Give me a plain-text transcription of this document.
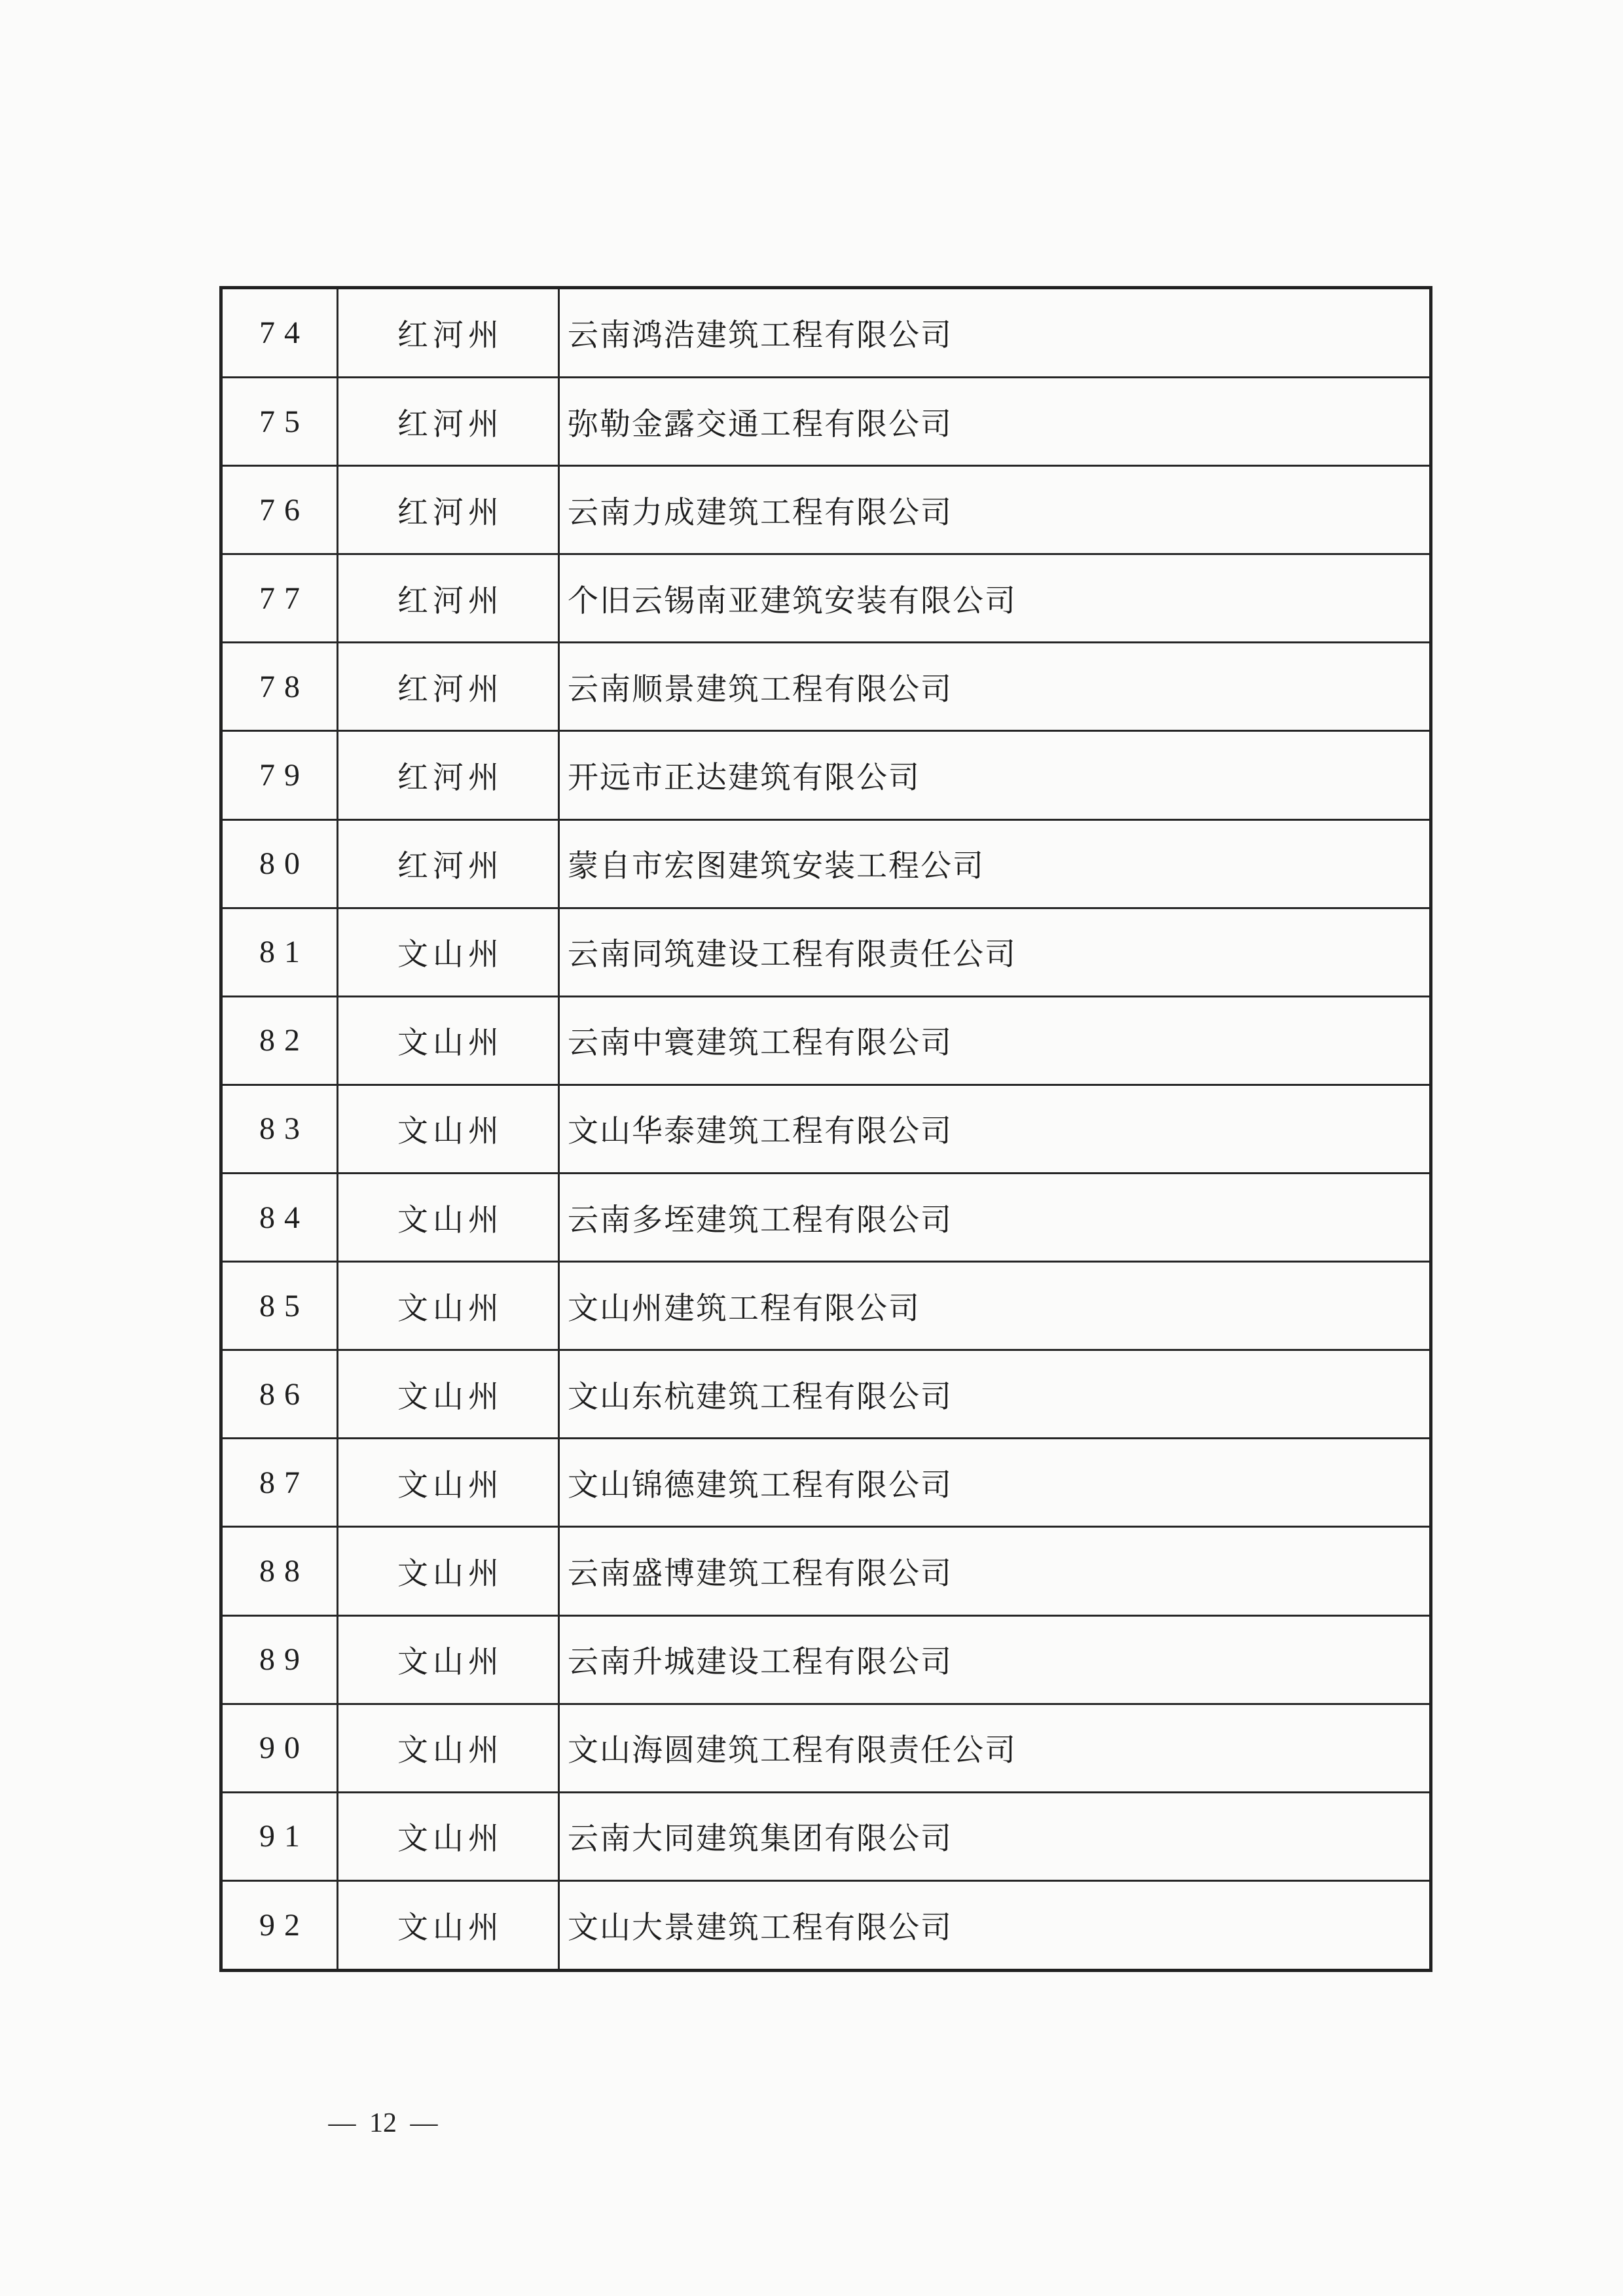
74	红河州	云南鸿浩建筑工程有限公司
75	红河州	弥勒金露交通工程有限公司
76	红河州	云南力成建筑工程有限公司
77	红河州	个旧云锡南亚建筑安装有限公司
78	红河州	云南顺景建筑工程有限公司
79	红河州	开远市正达建筑有限公司
80	红河州	蒙自市宏图建筑安装工程公司
81	文山州	云南同筑建设工程有限责任公司
82	文山州	云南中寰建筑工程有限公司
83	文山州	文山华泰建筑工程有限公司
84	文山州	云南多垤建筑工程有限公司
85	文山州	文山州建筑工程有限公司
86	文山州	文山东杭建筑工程有限公司
87	文山州	文山锦德建筑工程有限公司
88	文山州	云南盛博建筑工程有限公司
89	文山州	云南升城建设工程有限公司
90	文山州	文山海圆建筑工程有限责任公司
91	文山州	云南大同建筑集团有限公司
92	文山州	文山大景建筑工程有限公司
— 12 —
